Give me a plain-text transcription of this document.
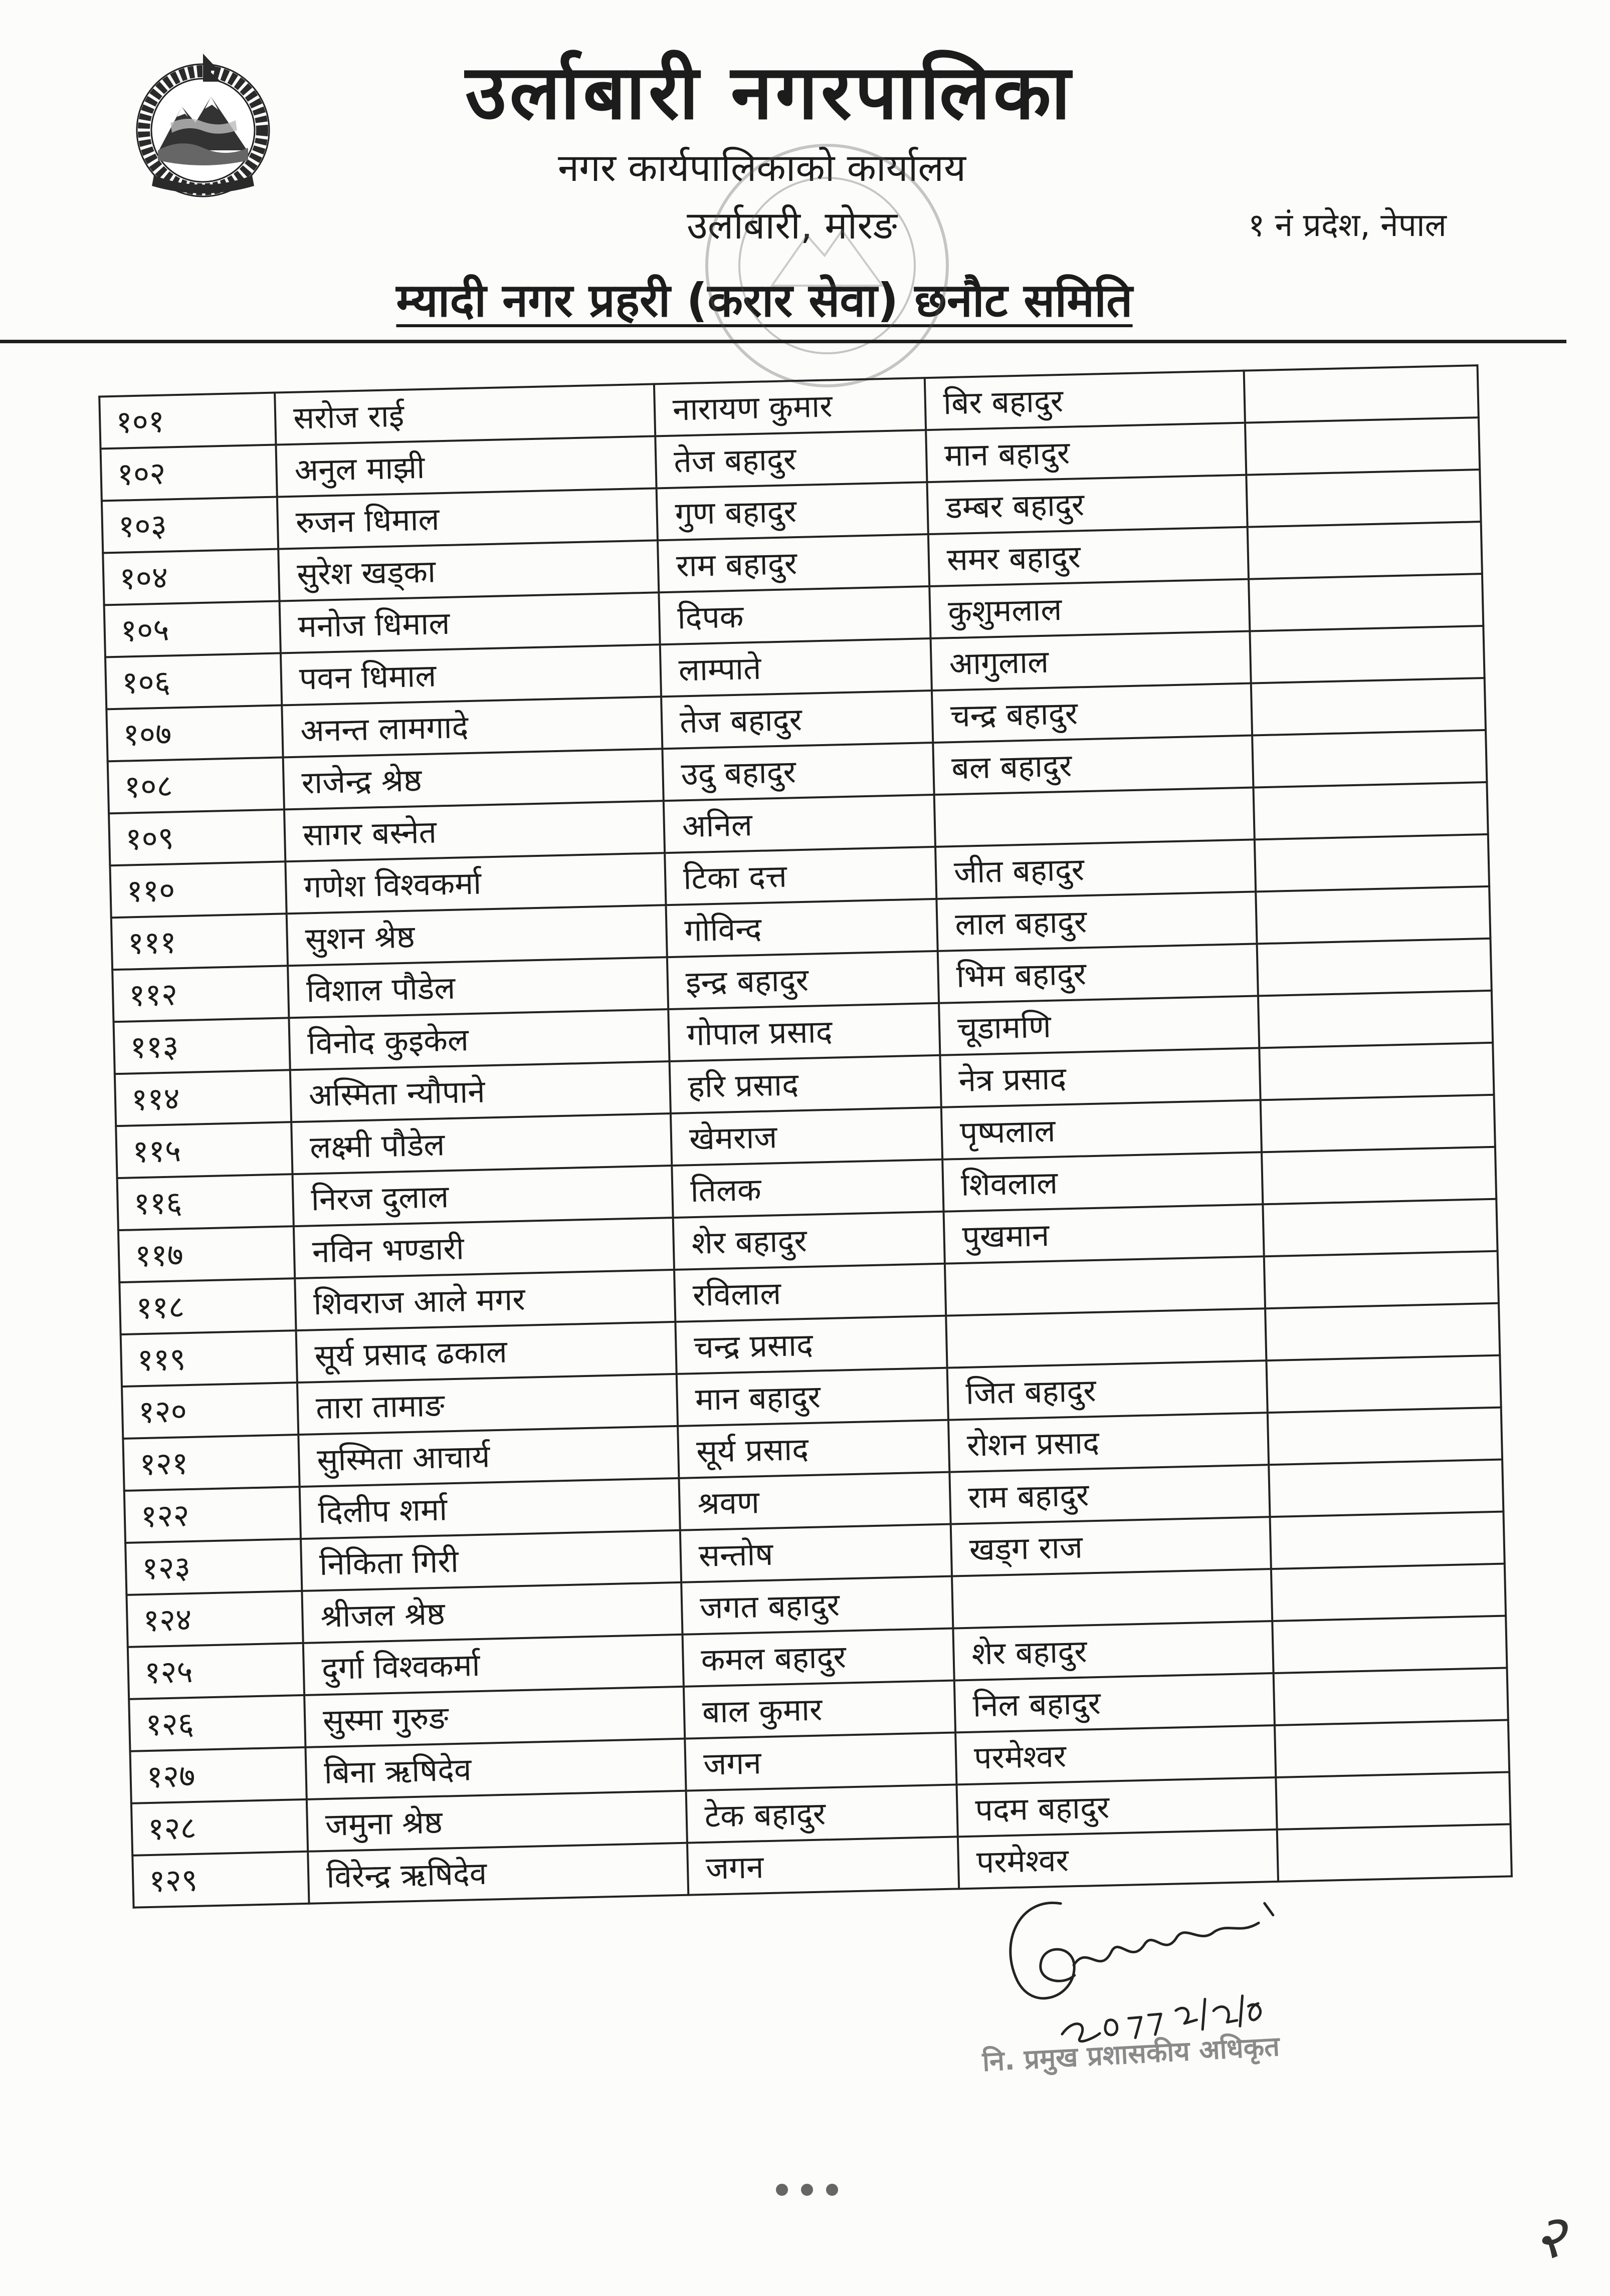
उर्लाबारी नगरपालिका
नगर कार्यपालिकाको कार्यालय
उर्लाबारी, मोरङ	१ नं प्रदेश, नेपाल
म्यादी नगर प्रहरी (करार सेवा) छनौट समिति
१०१	सरोज राई	नारायण कुमार	बिर बहादुर	
१०२	अनुल माझी	तेज बहादुर	मान बहादुर	
१०३	रुजन धिमाल	गुण बहादुर	डम्बर बहादुर	
१०४	सुरेश खड्का	राम बहादुर	समर बहादुर	
१०५	मनोज धिमाल	दिपक	कुशुमलाल	
१०६	पवन धिमाल	लाम्पाते	आगुलाल	
१०७	अनन्त लामगादे	तेज बहादुर	चन्द्र बहादुर	
१०८	राजेन्द्र श्रेष्ठ	उदु बहादुर	बल बहादुर	
१०९	सागर बस्नेत	अनिल		
११०	गणेश विश्वकर्मा	टिका दत्त	जीत बहादुर	
१११	सुशन श्रेष्ठ	गोविन्द	लाल बहादुर	
११२	विशाल पौडेल	इन्द्र बहादुर	भिम बहादुर	
११३	विनोद कुइकेल	गोपाल प्रसाद	चूडामणि	
११४	अस्मिता न्यौपाने	हरि प्रसाद	नेत्र प्रसाद	
११५	लक्ष्मी पौडेल	खेमराज	पृष्पलाल	
११६	निरज दुलाल	तिलक	शिवलाल	
११७	नविन भण्डारी	शेर बहादुर	पुखमान	
११८	शिवराज आले मगर	रविलाल		
११९	सूर्य प्रसाद ढकाल	चन्द्र प्रसाद		
१२०	तारा तामाङ	मान बहादुर	जित बहादुर	
१२१	सुस्मिता आचार्य	सूर्य प्रसाद	रोशन प्रसाद	
१२२	दिलीप शर्मा	श्रवण	राम बहादुर	
१२३	निकिता गिरी	सन्तोष	खड्ग राज	
१२४	श्रीजल श्रेष्ठ	जगत बहादुर		
१२५	दुर्गा विश्वकर्मा	कमल बहादुर	शेर बहादुर	
१२६	सुस्मा गुरुङ	बाल कुमार	निल बहादुर	
१२७	बिना ऋषिदेव	जगन	परमेश्वर	
१२८	जमुना श्रेष्ठ	टेक बहादुर	पदम बहादुर	
१२९	विरेन्द्र ऋषिदेव	जगन	परमेश्वर	
नि. प्रमुख प्रशासकीय अधिकृत
२
